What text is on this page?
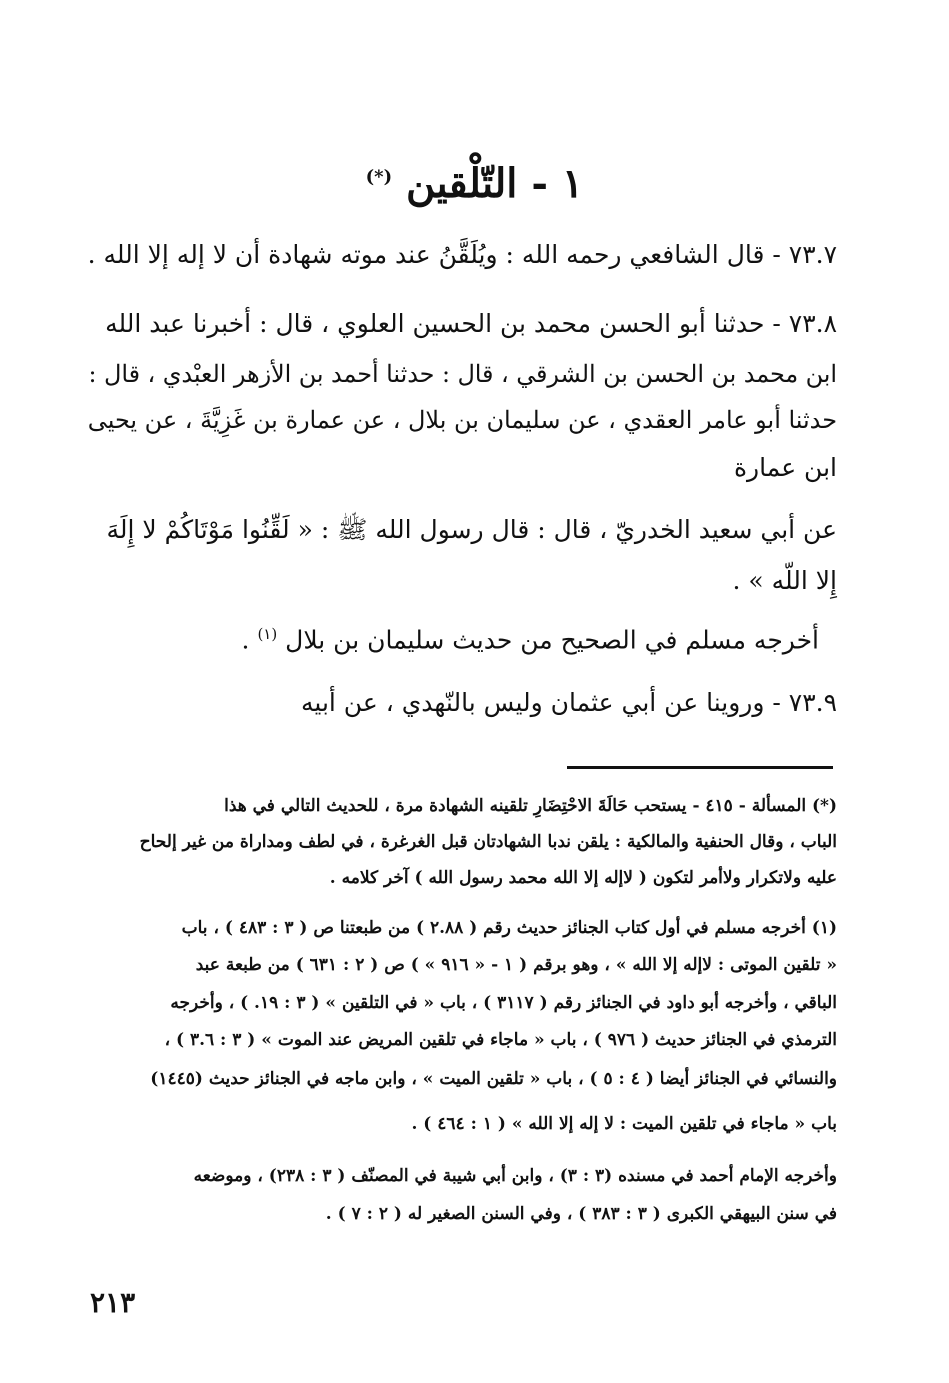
١ - التّلْقين (*)
٧٣.٧ - قال الشافعي رحمه الله : ويُلَقَّنُ عند موته شهادة أن لا إله إلا الله .
٧٣.٨ - حدثنا أبو الحسن محمد بن الحسين العلوي ، قال : أخبرنا عبد الله
ابن محمد بن الحسن بن الشرقي ، قال : حدثنا أحمد بن الأزهر العبْدي ، قال :
حدثنا أبو عامر العقدي ، عن سليمان بن بلال ، عن عمارة بن غَزِيَّةَ ، عن يحيى
ابن عمارة
عن أبي سعيد الخدريّ ، قال : قال رسول الله ﷺ : « لَقِّنُوا مَوْتَاكُمْ لا إِلَهَ
إِلا اللّه » .
أخرجه مسلم في الصحيح من حديث سليمان بن بلال $^{(١)}$ .
٧٣.٩ - وروينا عن أبي عثمان وليس بالنّهدي ، عن أبيه
(*) المسألة - ٤١٥ - يستحب حَالَةَ الاحْتِضَارِ تلقينه الشهادة مرة ، للحديث التالي في هذا
الباب ، وقال الحنفية والمالكية : يلقن ندبا الشهادتان قبل الغرغرة ، في لطف ومداراة من غير إلحاح
عليه ولاتكرار ولاأمر لتكون ( لاإله إلا الله محمد رسول الله ) آخر كلامه .
(١) أخرجه مسلم في أول كتاب الجنائز حديث رقم ( ٢.٨٨ ) من طبعتنا ص ( ٣ : ٤٨٣ ) ، باب
« تلقين الموتى : لاإله إلا الله » ، وهو برقم ( ١ - « ٩١٦ » ) ص ( ٢ : ٦٣١ ) من طبعة عبد
الباقي ، وأخرجه أبو داود في الجنائز رقم ( ٣١١٧ ) ، باب « في التلقين » ( ٣ : ١٩. ) ، وأخرجه
الترمذي في الجنائز حديث ( ٩٧٦ ) ، باب « ماجاء في تلقين المريض عند الموت » ( ٣ : ٣.٦ ) ،
والنسائي في الجنائز أيضا ( ٤ : ٥ ) ، باب « تلقين الميت » ، وابن ماجه في الجنائز حديث (١٤٤٥)
باب « ماجاء في تلقين الميت : لا إله إلا الله » ( ١ : ٤٦٤ ) .
وأخرجه الإمام أحمد في مسنده (٣ : ٣) ، وابن أبي شيبة في المصنّف ( ٣ : ٢٣٨) ، وموضعه
في سنن البيهقي الكبرى ( ٣ : ٣٨٣ ) ، وفي السنن الصغير له ( ٢ : ٧ ) .
٢١٣
